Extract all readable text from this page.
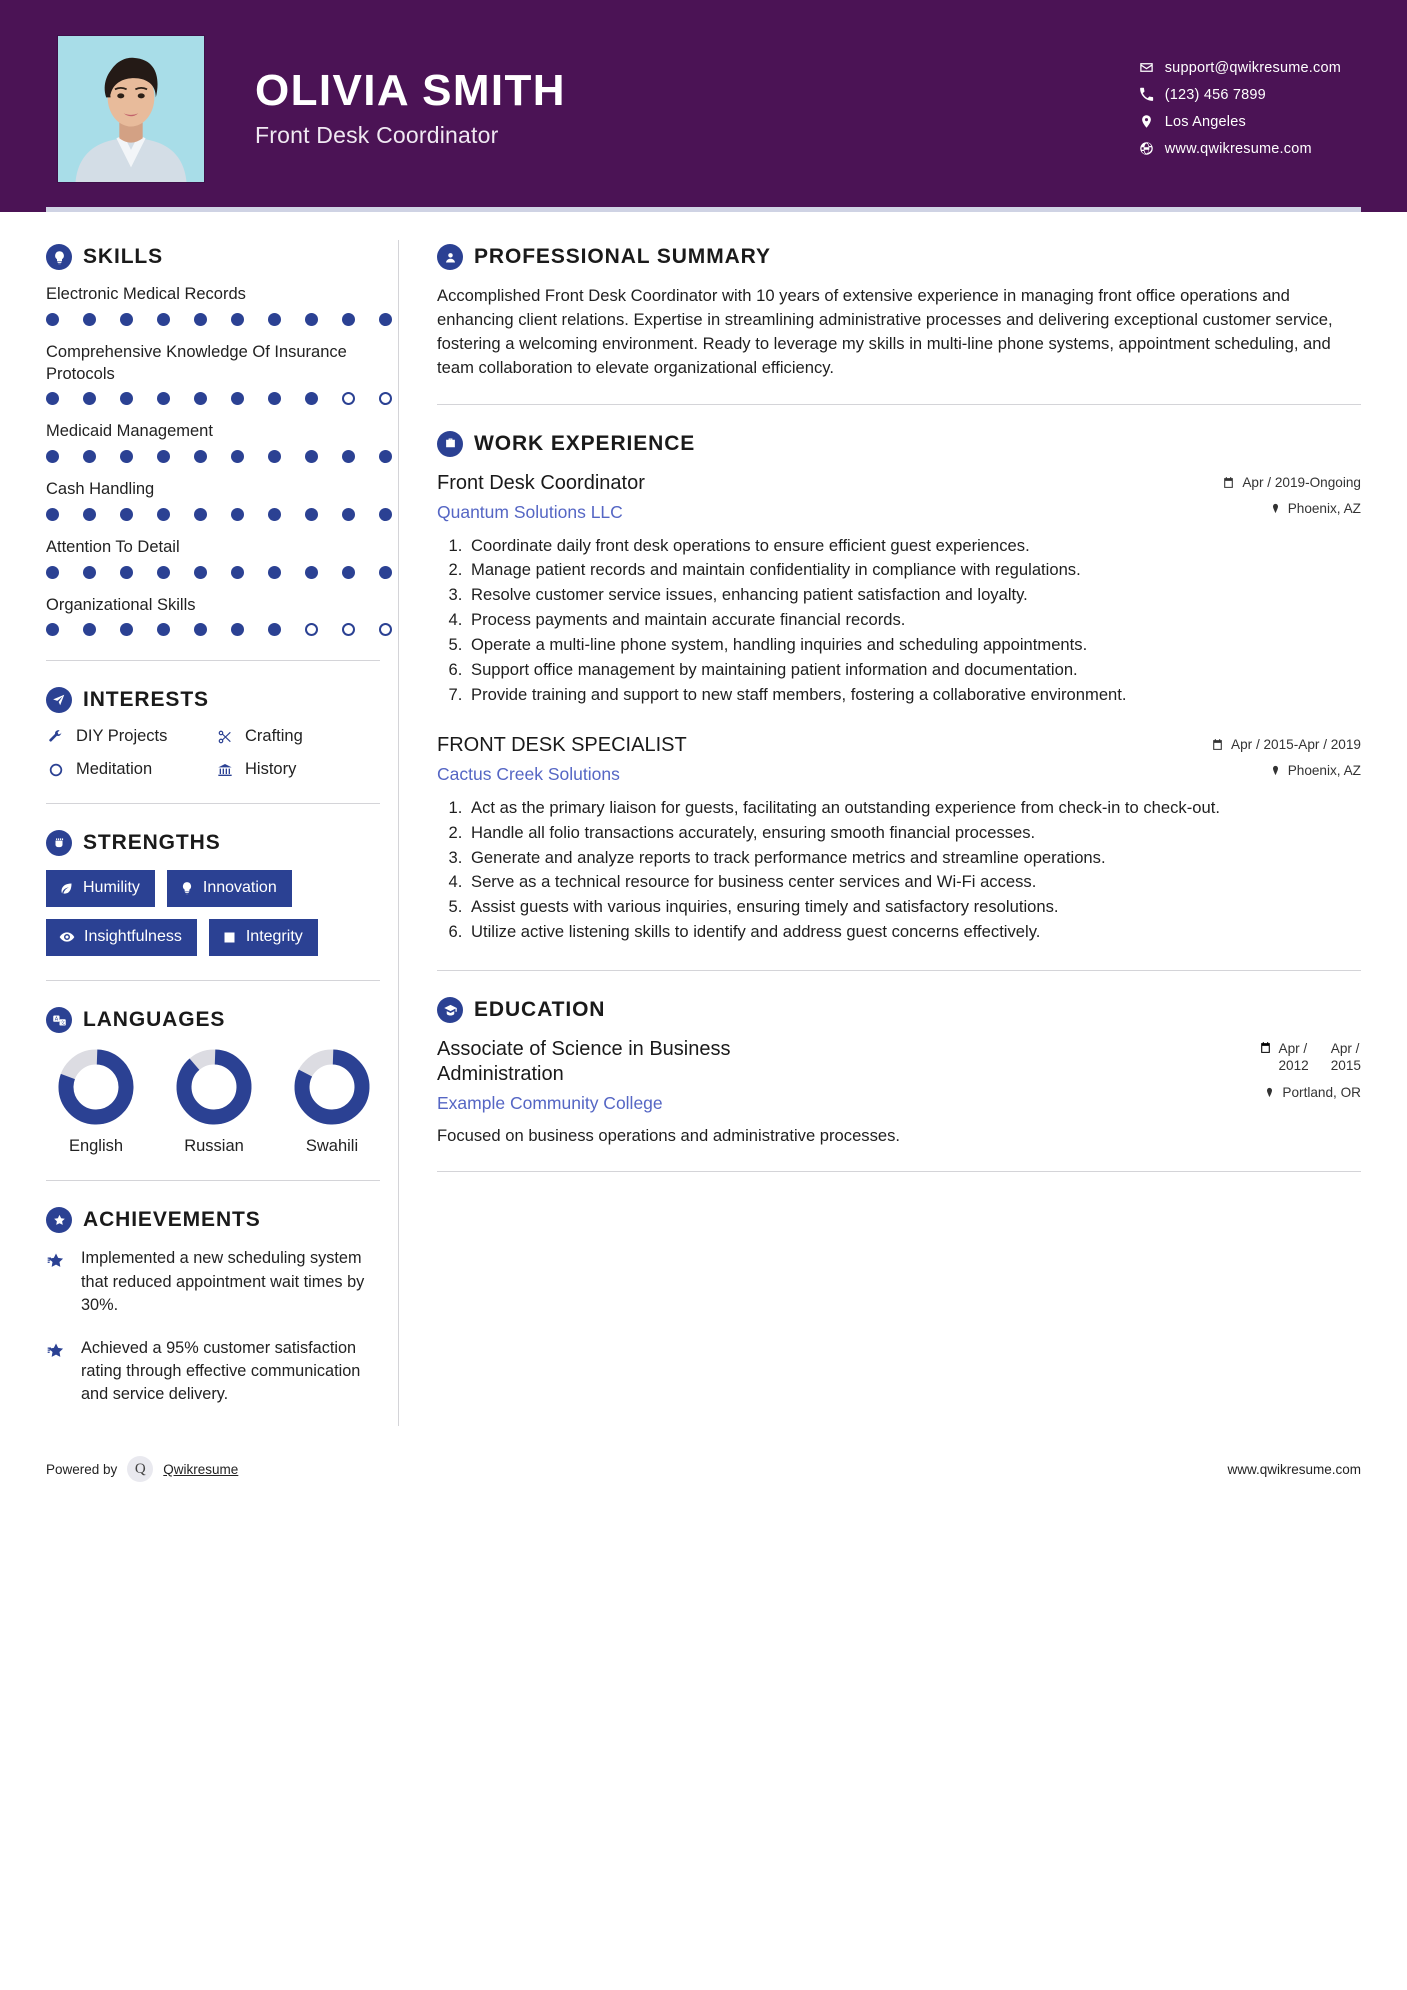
OLIVIA SMITH
Front Desk Coordinator
support@qwikresume.com
(123) 456 7899
Los Angeles
www.qwikresume.com
SKILLS
Electronic Medical Records
Comprehensive Knowledge Of Insurance Protocols
Medicaid Management
Cash Handling
Attention To Detail
Organizational Skills
INTERESTS
DIY Projects	Crafting
Meditation	History
STRENGTHS
Humility	Innovation
Insightfulness	Integrity
A
文 LANGUAGES
English	Russian	Swahili
ACHIEVEMENTS
Implemented a new scheduling system that reduced appointment wait times by 30%.
Achieved a 95% customer satisfaction rating through effective communication and service delivery.
PROFESSIONAL SUMMARY

Accomplished Front Desk Coordinator with 10 years of extensive experience in managing front office operations and enhancing client relations. Expertise in streamlining administrative processes and delivering exceptional customer service, fostering a welcoming environment. Ready to leverage my skills in multi-line phone systems, appointment scheduling, and team collaboration to elevate organizational efficiency.

WORK EXPERIENCE
Front Desk Coordinator
Quantum Solutions LLC
Apr / 2019-Ongoing
Phoenix, AZ
1. Coordinate daily front desk operations to ensure efficient guest experiences.
2. Manage patient records and maintain confidentiality in compliance with regulations.
3. Resolve customer service issues, enhancing patient satisfaction and loyalty.
4. Process payments and maintain accurate financial records.
5. Operate a multi-line phone system, handling inquiries and scheduling appointments.
6. Support office management by maintaining patient information and documentation.
7. Provide training and support to new staff members, fostering a collaborative environment.
FRONT DESK SPECIALIST
Cactus Creek Solutions
Apr / 2015-Apr / 2019
Phoenix, AZ
1. Act as the primary liaison for guests, facilitating an outstanding experience from check-in to check-out.
2. Handle all folio transactions accurately, ensuring smooth financial processes.
3. Generate and analyze reports to track performance metrics and streamline operations.
4. Serve as a technical resource for business center services and Wi-Fi access.
5. Assist guests with various inquiries, ensuring timely and satisfactory resolutions.
6. Utilize active listening skills to identify and address guest concerns effectively.
EDUCATION
Associate of Science in Business Administration
Example Community College
Apr /
2012
Apr /
2015
Portland, OR
Focused on business operations and administrative processes.
Powered by	Q	Qwikresume	www.qwikresume.com
